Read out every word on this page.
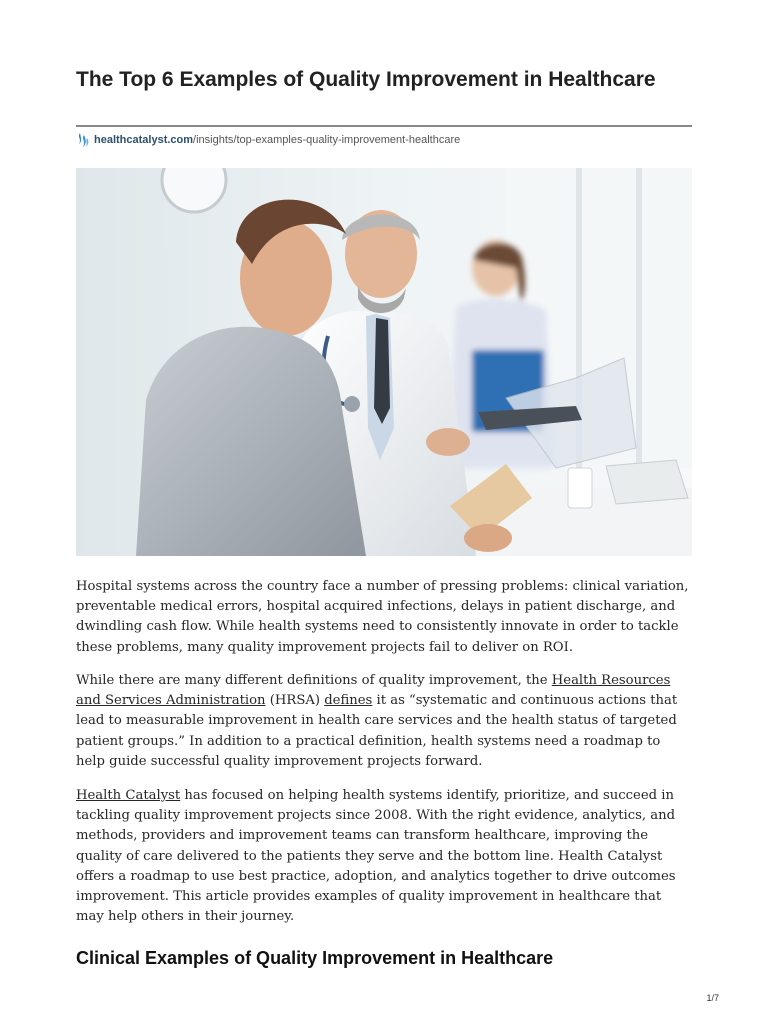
The Top 6 Examples of Quality Improvement in Healthcare
healthcatalyst.com /insights/top-examples-quality-improvement-healthcare

Hospital systems across the country face a number of pressing problems: clinical variation, preventable medical errors, hospital acquired infections, delays in patient discharge, and dwindling cash flow. While health systems need to consistently innovate in order to tackle these problems, many quality improvement projects fail to deliver on ROI.

While there are many different definitions of quality improvement, the Health Resources and Services Administration (HRSA) defines it as “systematic and continuous actions that lead to measurable improvement in health care services and the health status of targeted patient groups.” In addition to a practical definition, health systems need a roadmap to help guide successful quality improvement projects forward.

Health Catalyst has focused on helping health systems identify, prioritize, and succeed in tackling quality improvement projects since 2008. With the right evidence, analytics, and methods, providers and improvement teams can transform healthcare, improving the quality of care delivered to the patients they serve and the bottom line. Health Catalyst offers a roadmap to use best practice, adoption, and analytics together to drive outcomes improvement. This article provides examples of quality improvement in healthcare that may help others in their journey.

Clinical Examples of Quality Improvement in Healthcare
1/7
